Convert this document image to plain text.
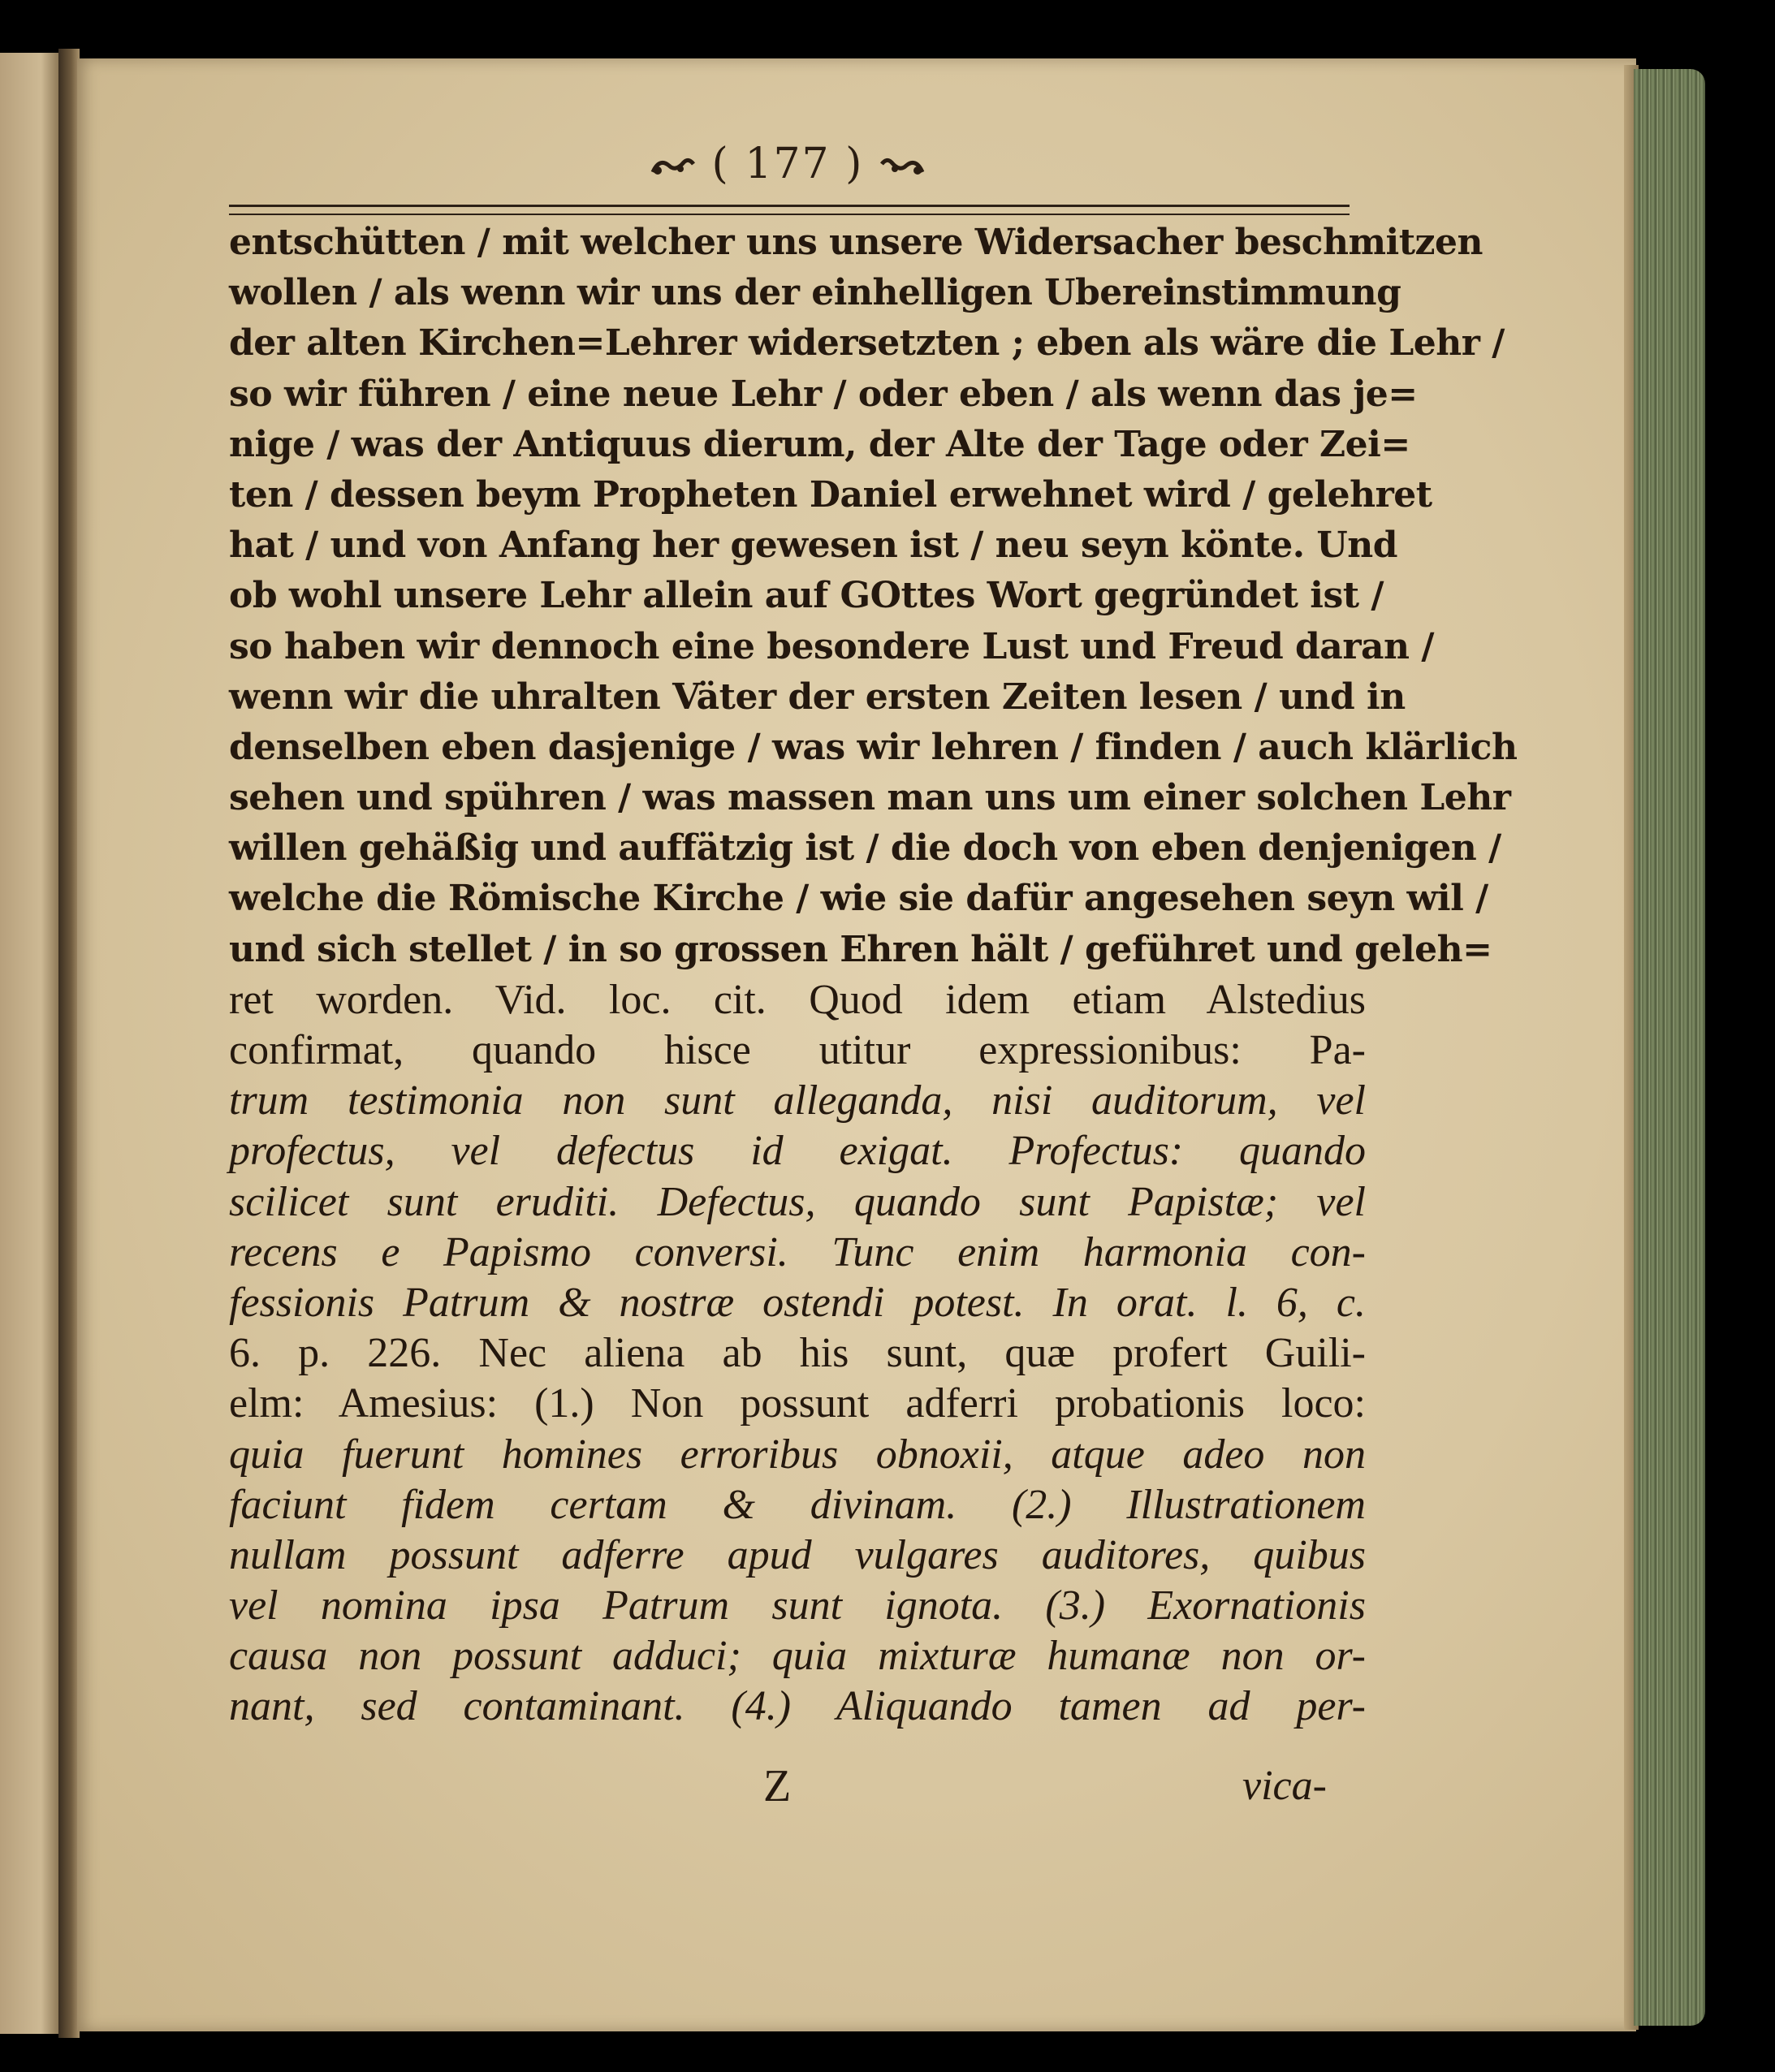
( 177 )
entschütten / mit welcher uns unsere Widersacher beschmitzen
wollen / als wenn wir uns der einhelligen Ubereinstimmung
der alten Kirchen=Lehrer widersetzten ; eben als wäre die Lehr /
so wir führen / eine neue Lehr / oder eben / als wenn das je=
nige / was der Antiquus dierum, der Alte der Tage oder Zei=
ten / dessen beym Propheten Daniel erwehnet wird / gelehret
hat / und von Anfang her gewesen ist / neu seyn könte. Und
ob wohl unsere Lehr allein auf GOttes Wort gegründet ist /
so haben wir dennoch eine besondere Lust und Freud daran /
wenn wir die uhralten Väter der ersten Zeiten lesen / und in
denselben eben dasjenige / was wir lehren / finden / auch klärlich
sehen und spühren / was massen man uns um einer solchen Lehr
willen gehäßig und auffätzig ist / die doch von eben denjenigen /
welche die Römische Kirche / wie sie dafür angesehen seyn wil /
und sich stellet / in so grossen Ehren hält / geführet und geleh=
ret worden. Vid. loc. cit. Quod idem etiam Alstedius
confirmat, quando hisce utitur expressionibus: Pa-
trum testimonia non sunt alleganda, nisi auditorum, vel
profectus, vel defectus id exigat. Profectus: quando
scilicet sunt eruditi. Defectus, quando sunt Papistæ; vel
recens e Papismo conversi. Tunc enim harmonia con-
fessionis Patrum & nostræ ostendi potest. In orat. l. 6, c.
6. p. 226. Nec aliena ab his sunt, quæ profert Guili-
elm: Amesius: (1.) Non possunt adferri probationis loco:
quia fuerunt homines erroribus obnoxii, atque adeo non
faciunt fidem certam & divinam. (2.) Illustrationem
nullam possunt adferre apud vulgares auditores, quibus
vel nomina ipsa Patrum sunt ignota. (3.) Exornationis
causa non possunt adduci; quia mixturæ humanæ non or-
nant, sed contaminant. (4.) Aliquando tamen ad per-
Z	vica-
